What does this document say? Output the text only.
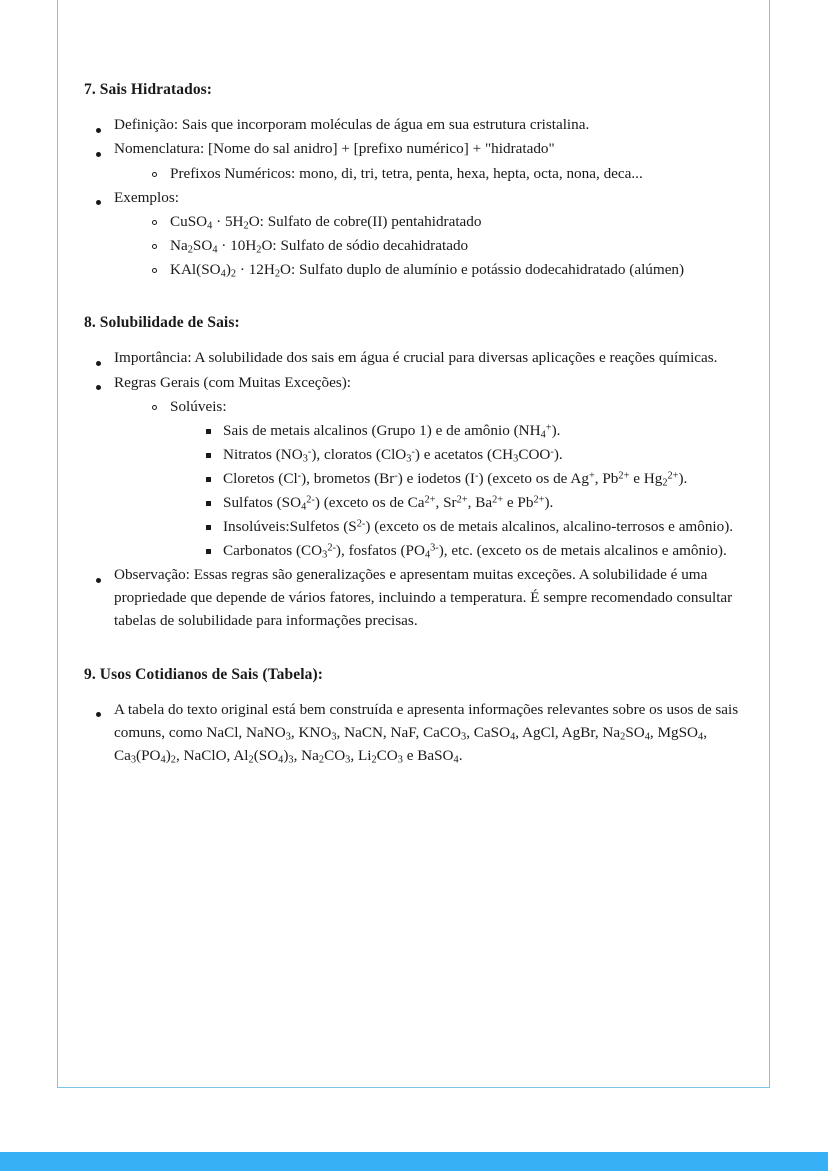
7. Sais Hidratados:
Definição: Sais que incorporam moléculas de água em sua estrutura cristalina.
Nomenclatura: [Nome do sal anidro] + [prefixo numérico] + "hidratado"
Prefixos Numéricos: mono, di, tri, tetra, penta, hexa, hepta, octa, nona, deca...
Exemplos:
CuSO$_4$ · $5H_2O$: Sulfato de cobre(II) pentahidratado
$Na_2SO_4 \cdot 10H_2O$: Sulfato de sódio decahidratado
$KAl(SO_4)_2 \cdot 12H_2O$: Sulfato duplo de alumínio e potássio dodecahidratado (alúmen)
8. Solubilidade de Sais:
Importância: A solubilidade dos sais em água é crucial para diversas aplicações e reações químicas.
Regras Gerais (com Muitas Exceções):
Solúveis:
Sais de metais alcalinos (Grupo 1) e de amônio $(NH_4^+)$.
Nitratos $(NO_3^-)$, cloratos (ClO$_3$-) e acetatos $(CH_3COO^-)$.
Cloretos (Cl-), brometos (Br-) e iodetos (I-) (exceto os de Ag+, $Pb^{2+}$ e $Hg_2^{2+}$).
Sulfatos $(SO_4^{2-})$ (exceto os de $Ca^{2+}$, $Sr^{2+}$, $Ba^{2+}$ e $Pb^{2+}$).
Insolúveis:Sulfetos $(S^{2-})$ (exceto os de metais alcalinos, alcalino-terrosos e amônio).
Carbonatos $(CO_3^{2-})$, fosfatos $(PO_4^{3-})$, etc. (exceto os de metais alcalinos e amônio).
Observação: Essas regras são generalizações e apresentam muitas exceções. A solubilidade é uma propriedade que depende de vários fatores, incluindo a temperatura. É sempre recomendado consultar tabelas de solubilidade para informações precisas.
9. Usos Cotidianos de Sais (Tabela):
A tabela do texto original está bem construída e apresenta informações relevantes sobre os usos de sais comuns, como NaCl, NaNO$_3$, $KNO_3$, NaCN, NaF, CaCO$_3$, CaSO$_4$, AgCl, AgBr, $Na_2SO_4$, MgSO$_4$, $Ca_3(PO_4)_2$, NaClO, $Al_2(SO_4)_3$, $Na_2CO_3$, $Li_2CO_3$ e BaSO$_4$.
